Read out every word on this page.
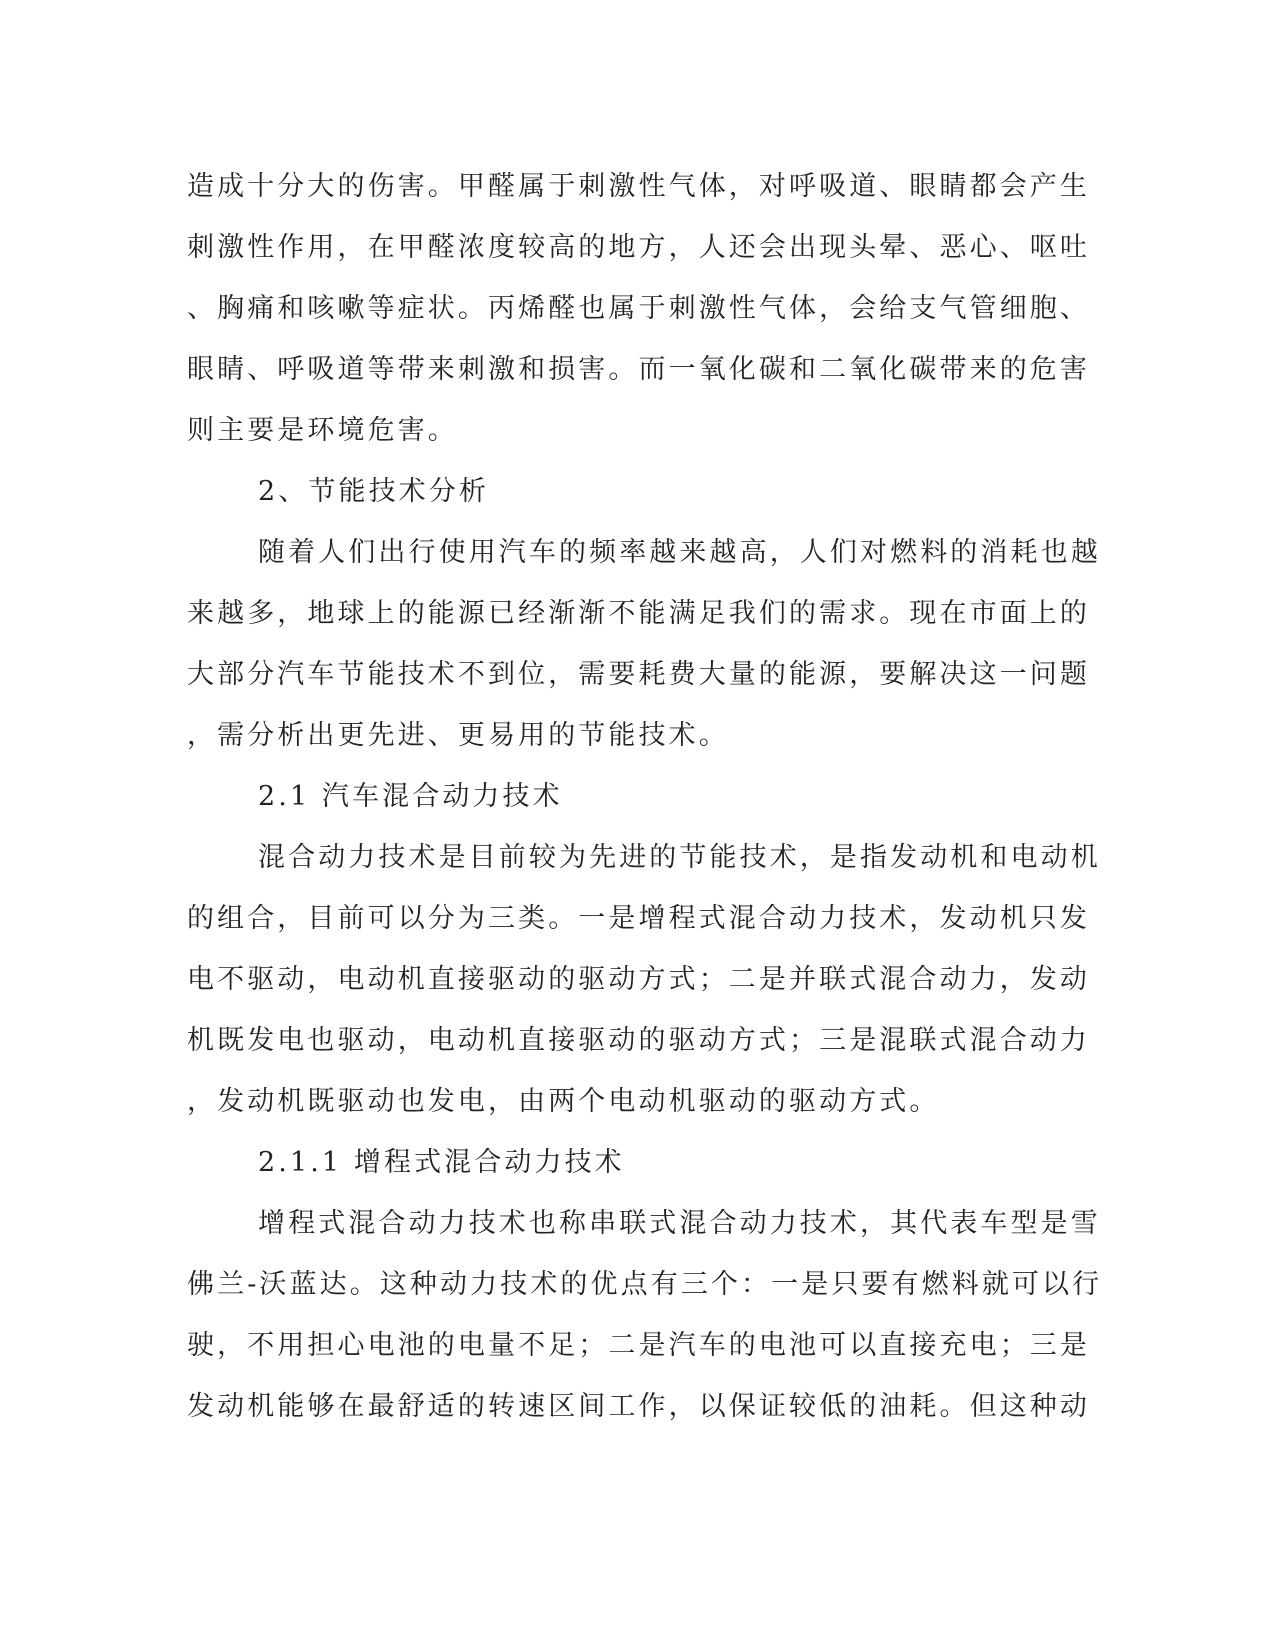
造成十分大的伤害。甲醛属于刺激性气体，对呼吸道、眼睛都会产生
刺激性作用，在甲醛浓度较高的地方，人还会出现头晕、恶心、呕吐
、胸痛和咳嗽等症状。丙烯醛也属于刺激性气体，会给支气管细胞、
眼睛、呼吸道等带来刺激和损害。而一氧化碳和二氧化碳带来的危害
则主要是环境危害。
2、节能技术分析
随着人们出行使用汽车的频率越来越高，人们对燃料的消耗也越
来越多，地球上的能源已经渐渐不能满足我们的需求。现在市面上的
大部分汽车节能技术不到位，需要耗费大量的能源，要解决这一问题
，需分析出更先进、更易用的节能技术。
2.1 汽车混合动力技术
混合动力技术是目前较为先进的节能技术，是指发动机和电动机
的组合，目前可以分为三类。一是增程式混合动力技术，发动机只发
电不驱动，电动机直接驱动的驱动方式；二是并联式混合动力，发动
机既发电也驱动，电动机直接驱动的驱动方式；三是混联式混合动力
，发动机既驱动也发电，由两个电动机驱动的驱动方式。
2.1.1 增程式混合动力技术
增程式混合动力技术也称串联式混合动力技术，其代表车型是雪
佛兰-沃蓝达。这种动力技术的优点有三个：一是只要有燃料就可以行
驶，不用担心电池的电量不足；二是汽车的电池可以直接充电；三是
发动机能够在最舒适的转速区间工作，以保证较低的油耗。但这种动
